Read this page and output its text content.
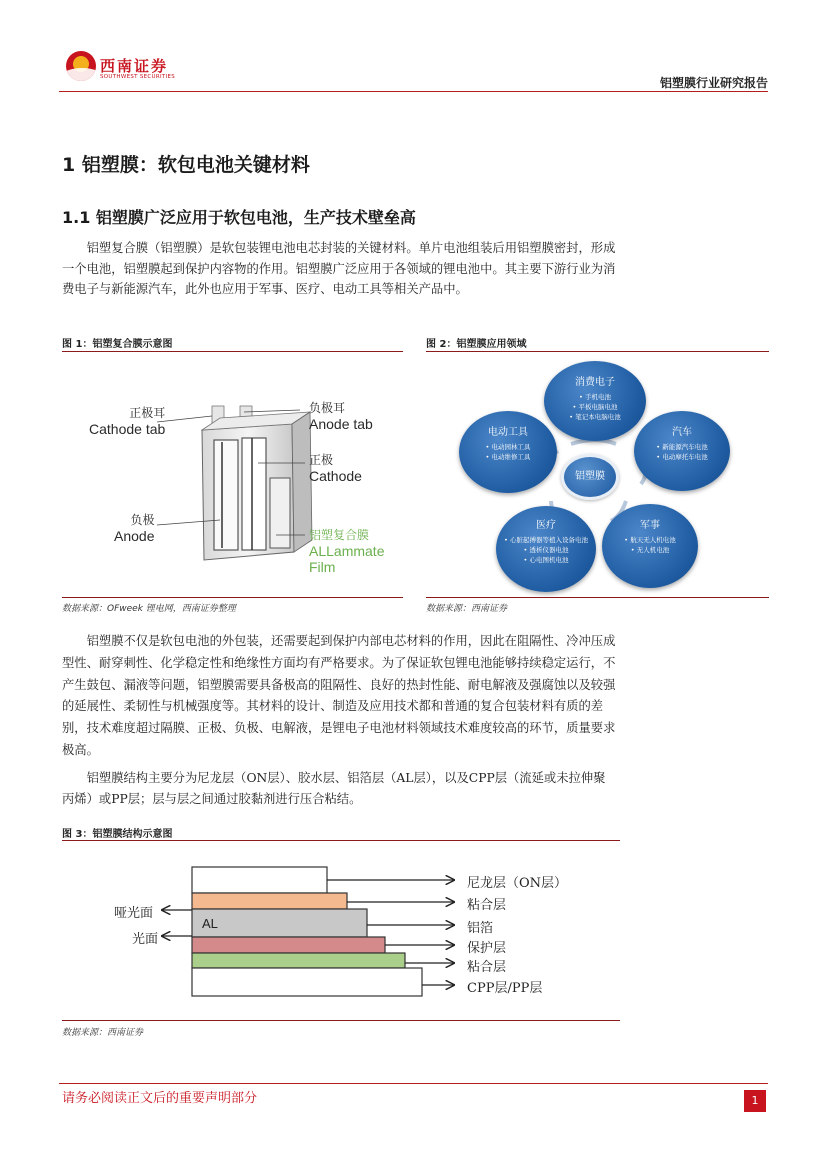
西南证券
SOUTHWEST SECURITIES	铝塑膜行业研究报告
1 铝塑膜：软包电池关键材料
1.1 铝塑膜广泛应用于软包电池，生产技术壁垒高

铝塑复合膜（铝塑膜）是软包装锂电池电芯封装的关键材料。单片电池组装后用铝塑膜密封，形成一个电池，铝塑膜起到保护内容物的作用。铝塑膜广泛应用于各领域的锂电池中。其主要下游行业为消费电子与新能源汽车，此外也应用于军事、医疗、电动工具等相关产品中。

图 1：铝塑复合膜示意图
正极耳
Cathode tab
负极耳
Anode tab
正极
Cathode
负极
Anode	铝塑复合膜
ALLammate
Film
数据来源：OFweek 锂电网，西南证券整理
图 2：铝塑膜应用领域
消费电子
• 手机电池
• 平板电脑电池
• 笔记本电脑电池
汽车
• 新能源汽车电池
• 电动摩托车电池
军事
• 航天无人机电池
• 无人机电池
医疗
• 心脏起搏器等植入设备电池
• 透析仪器电池
• 心电图机电池
电动工具
• 电动园林工具
• 电动维修工具
铝塑膜
数据来源：西南证券

铝塑膜不仅是软包电池的外包装，还需要起到保护内部电芯材料的作用，因此在阻隔性、冷冲压成型性、耐穿刺性、化学稳定性和绝缘性方面均有严格要求。为了保证软包锂电池能够持续稳定运行，不产生鼓包、漏液等问题，铝塑膜需要具备极高的阻隔性、良好的热封性能、耐电解液及强腐蚀以及较强的延展性、柔韧性与机械强度等。其材料的设计、制造及应用技术都和普通的复合包装材料有质的差别，技术难度超过隔膜、正极、负极、电解液，是锂电子电池材料领域技术难度较高的环节，质量要求极高。

铝塑膜结构主要分为尼龙层（ON层）、胶水层、铝箔层（AL层），以及CPP层（流延或未拉伸聚丙烯）或PP层；层与层之间通过胶黏剂进行压合粘结。

图 3：铝塑膜结构示意图
AL
哑光面
光面
尼龙层（ON层）
粘合层
铝箔
保护层
粘合层
CPP层/PP层
数据来源：西南证券
请务必阅读正文后的重要声明部分	1
